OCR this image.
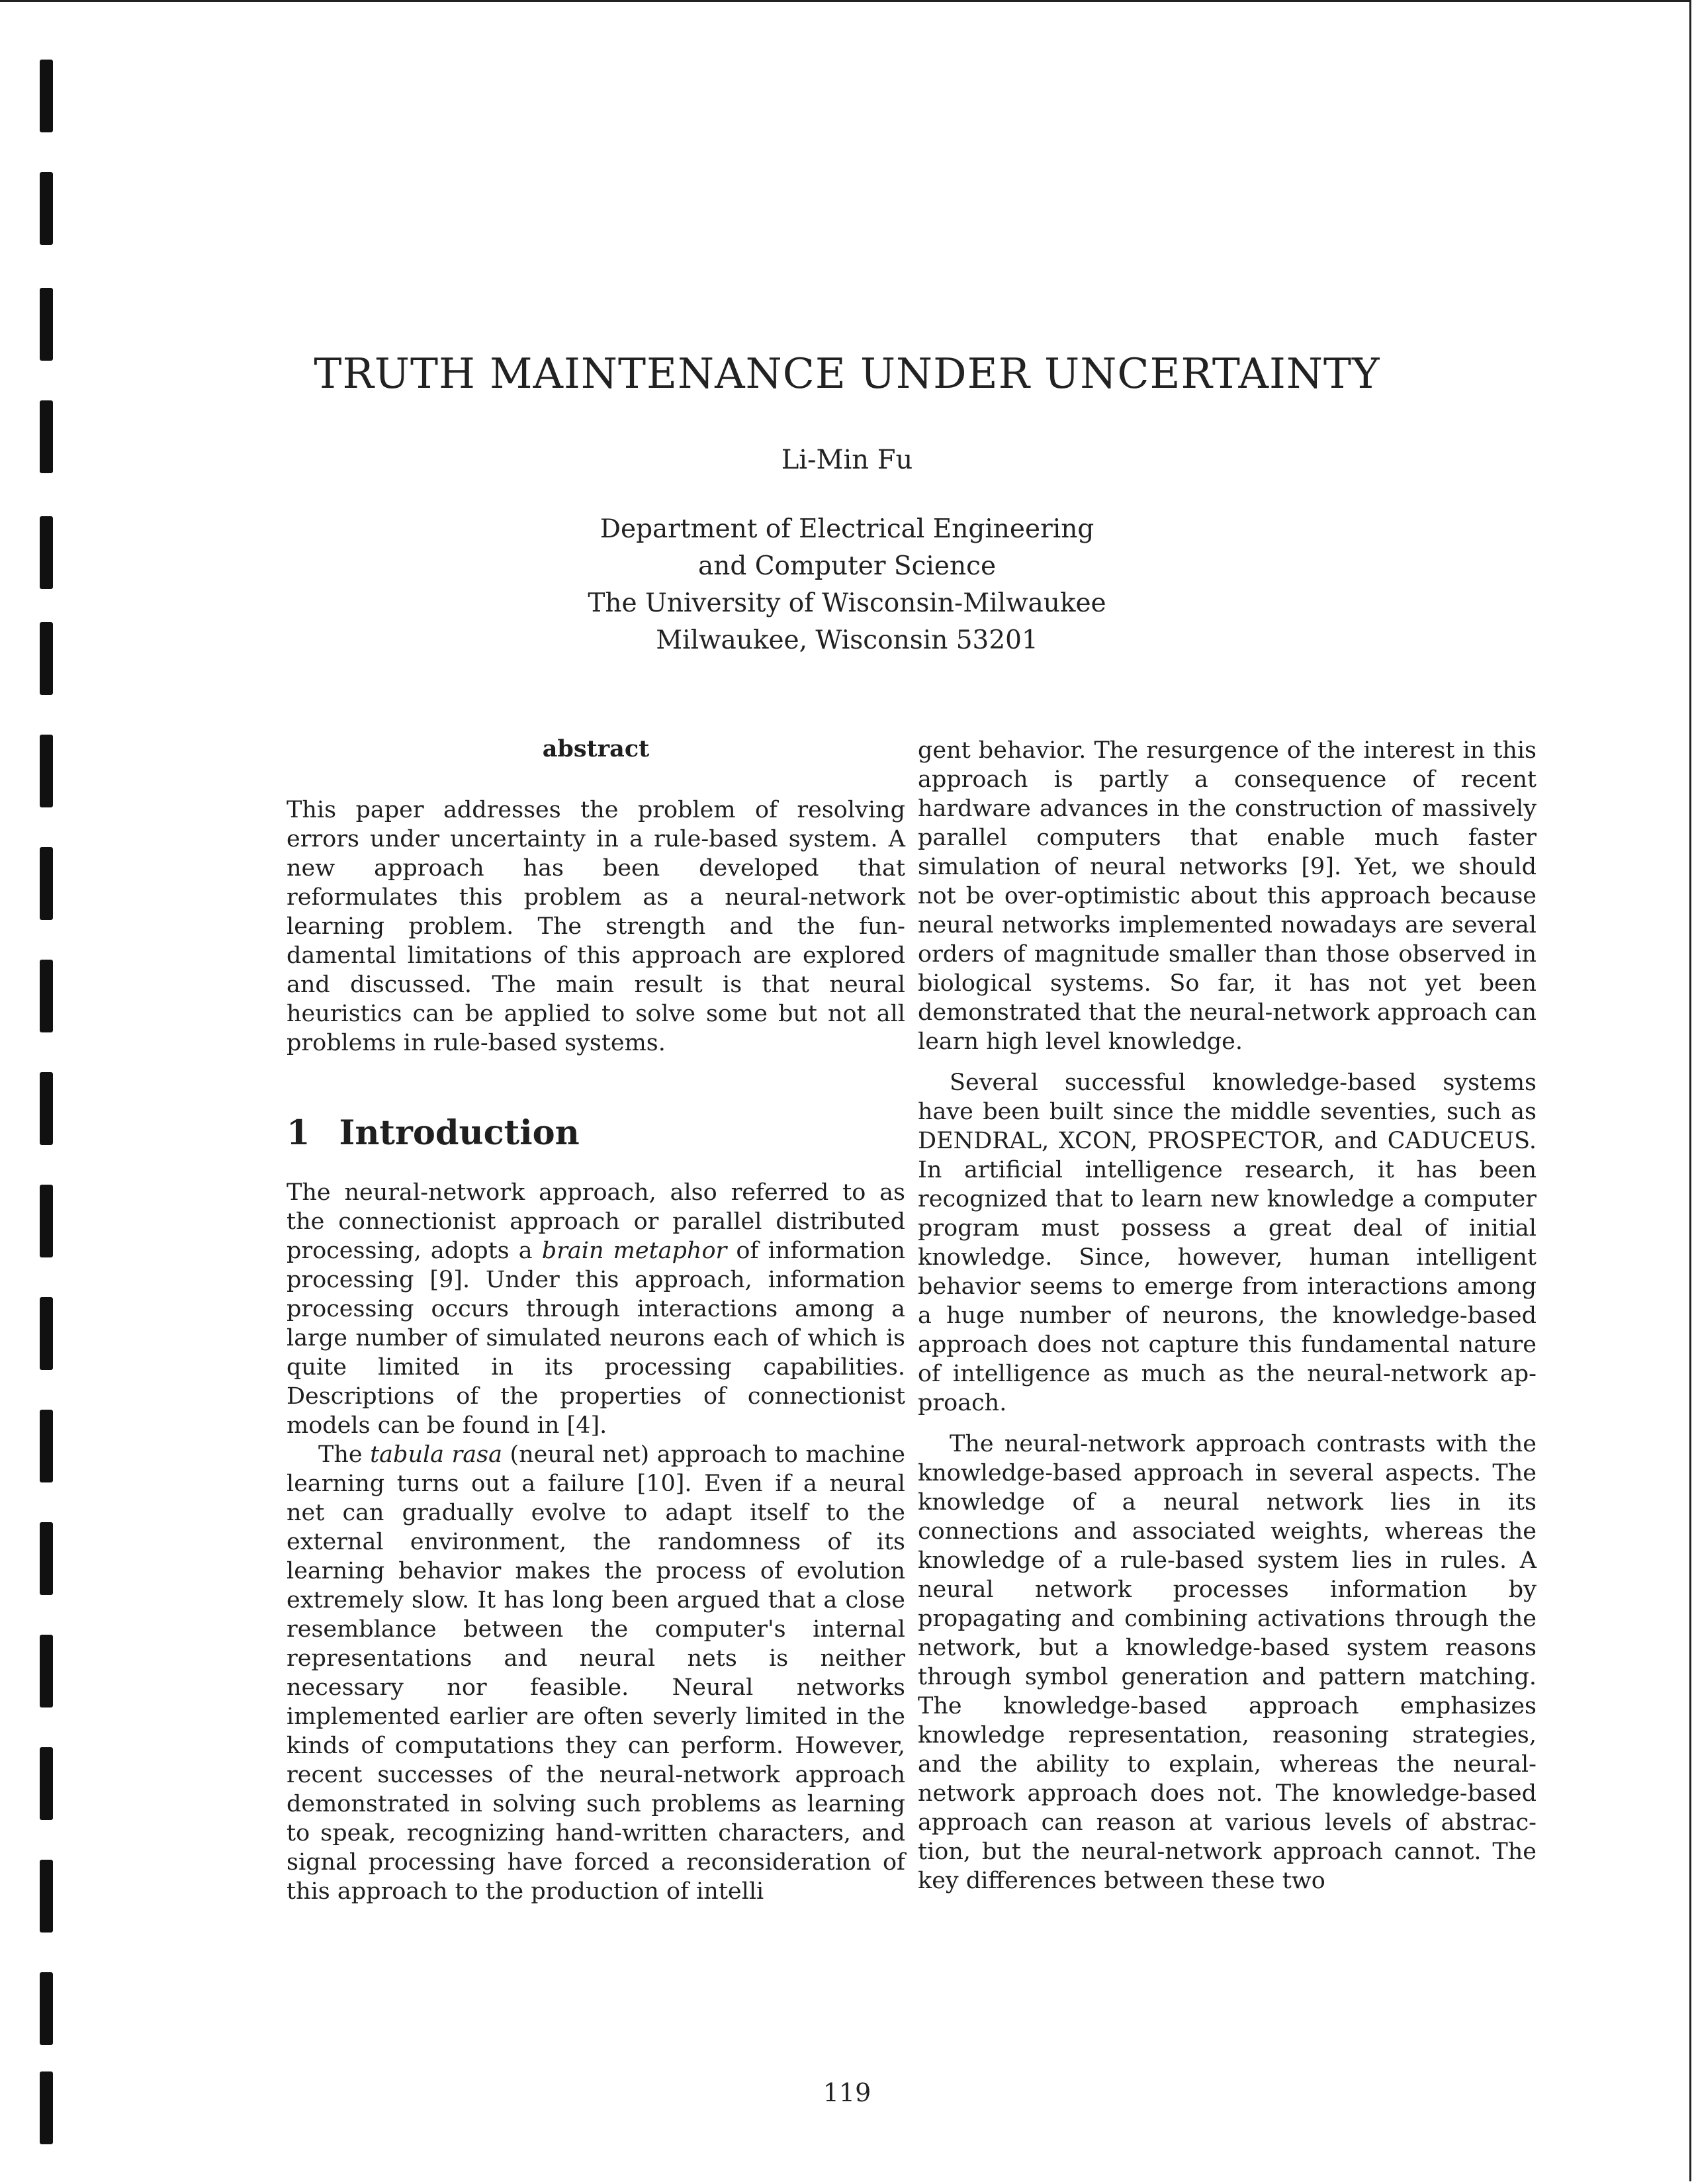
TRUTH MAINTENANCE UNDER UNCERTAINTY
Li-Min Fu
Department of Electrical Engineering
and Computer Science
The University of Wisconsin-Milwaukee
Milwaukee, Wisconsin 53201

abstract

This paper addresses the problem of resolving errors under uncertainty in a rule-based system. A new approach has been developed that reformulates this problem as a neural-network learning problem. The strength and the fundamental limitations of this approach are explored and discussed. The main result is that neural heuristics can be applied to solve some but not all problems in rule-based systems.

1 Introduction

The neural-network approach, also referred to as the connectionist approach or parallel distributed processing, adopts a brain metaphor of information processing [9]. Under this approach, information processing occurs through interactions among a large number of simulated neurons each of which is quite limited in its processing capabilities. Descriptions of the properties of connectionist models can be found in [4].

The tabula rasa (neural net) approach to machine learning turns out a failure [10]. Even if a neural net can gradually evolve to adapt itself to the external environment, the randomness of its learning behavior makes the process of evolution extremely slow. It has long been argued that a close resemblance between the computer's internal representations and neural nets is neither necessary nor feasible. Neural networks implemented earlier are often severly limited in the kinds of computations they can perform. However, recent successes of the neural-network approach demonstrated in solving such problems as learning to speak, recognizing hand-written characters, and signal processing have forced a reconsideration of this approach to the production of intelli

gent behavior. The resurgence of the interest in this approach is partly a consequence of recent hardware advances in the construction of massively parallel computers that enable much faster simulation of neural networks [9]. Yet, we should not be over-optimistic about this approach because neural networks implemented nowadays are several orders of magnitude smaller than those observed in biological systems. So far, it has not yet been demonstrated that the neural-network approach can learn high level knowledge.

Several successful knowledge-based systems have been built since the middle seventies, such as DENDRAL, XCON, PROSPECTOR, and CADUCEUS. In artificial intelligence research, it has been recognized that to learn new knowledge a computer program must possess a great deal of initial knowledge. Since, however, human intelligent behavior seems to emerge from interactions among a huge number of neurons, the knowledge-based approach does not capture this fundamental nature of intelligence as much as the neural-network approach.

The neural-network approach contrasts with the knowledge-based approach in several aspects. The knowledge of a neural network lies in its connections and associated weights, whereas the knowledge of a rule-based system lies in rules. A neural network processes information by propagating and combining activations through the network, but a knowledge-based system reasons through symbol generation and pattern matching. The knowledge-based approach emphasizes knowledge representation, reasoning strategies, and the ability to explain, whereas the neural-network approach does not. The knowledge-based approach can reason at various levels of abstraction, but the neural-network approach cannot. The key differences between these two

119
